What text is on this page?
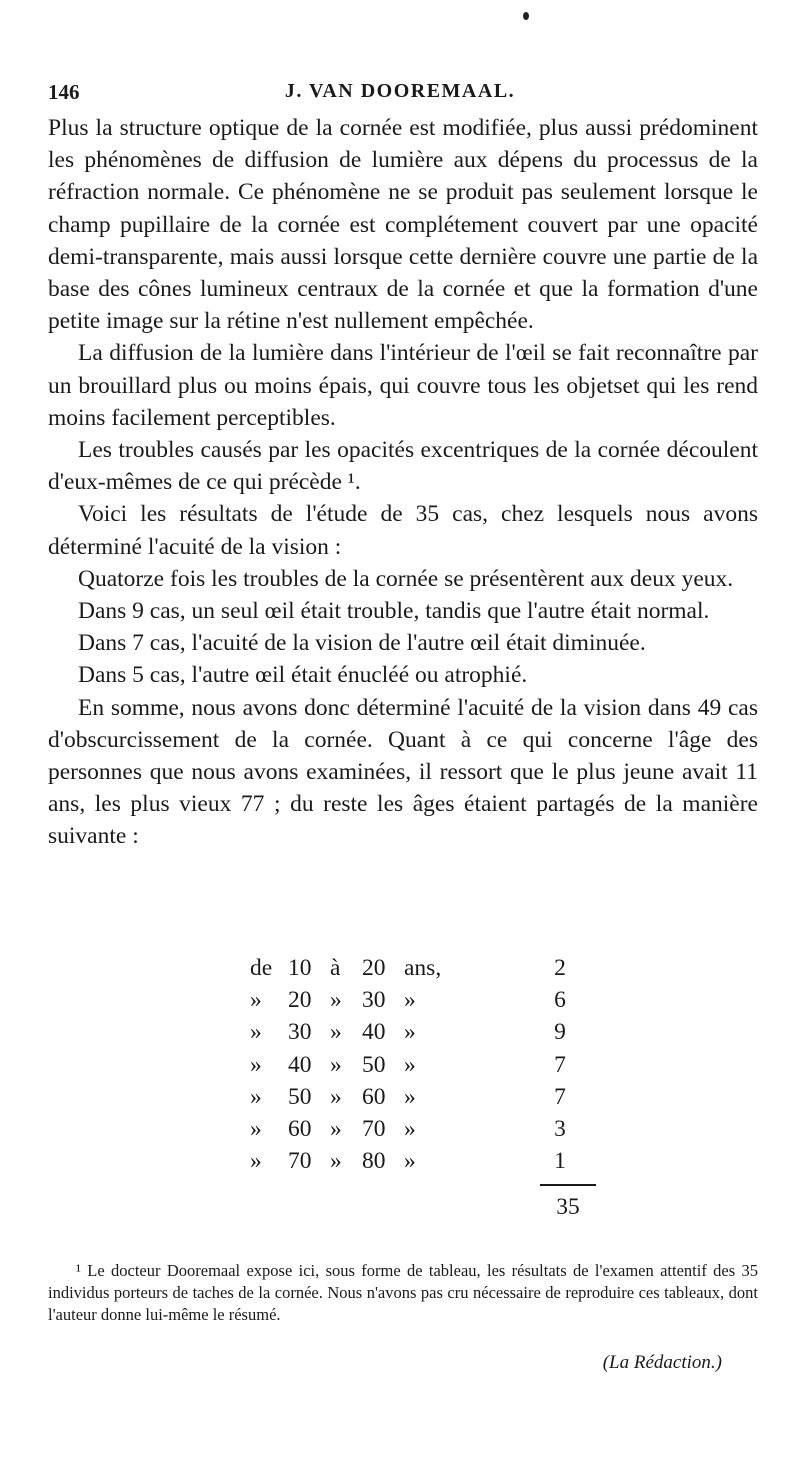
146	J. VAN DOOREMAAL.

Plus la structure optique de la cornée est modifiée, plus aussi prédominent les phénomènes de diffusion de lumière aux dépens du processus de la réfraction normale. Ce phénomène ne se produit pas seulement lorsque le champ pupillaire de la cornée est complétement couvert par une opacité demi-transparente, mais aussi lorsque cette dernière couvre une partie de la base des cônes lumineux centraux de la cornée et que la formation d'une petite image sur la rétine n'est nullement empêchée.

La diffusion de la lumière dans l'intérieur de l'œil se fait reconnaître par un brouillard plus ou moins épais, qui couvre tous les objetset qui les rend moins facilement perceptibles.

Les troubles causés par les opacités excentriques de la cornée découlent d'eux-mêmes de ce qui précède ¹.

Voici les résultats de l'étude de 35 cas, chez lesquels nous avons déterminé l'acuité de la vision :

Quatorze fois les troubles de la cornée se présentèrent aux deux yeux.

Dans 9 cas, un seul œil était trouble, tandis que l'autre était normal.

Dans 7 cas, l'acuité de la vision de l'autre œil était diminuée.

Dans 5 cas, l'autre œil était énucléé ou atrophié.

En somme, nous avons donc déterminé l'acuité de la vision dans 49 cas d'obscurcissement de la cornée. Quant à ce qui concerne l'âge des personnes que nous avons examinées, il ressort que le plus jeune avait 11 ans, les plus vieux 77 ; du reste les âges étaient partagés de la manière suivante :

de 10 à 20 ans,	2
» 20 » 30 »	6
» 30 » 40 »	9
» 40 » 50 »	7
» 50 » 60 »	7
» 60 » 70 »	3
» 70 » 80 »	1
35
¹ Le docteur Dooremaal expose ici, sous forme de tableau, les résultats de l'examen attentif des 35 individus porteurs de taches de la cornée. Nous n'avons pas cru nécessaire de reproduire ces tableaux, dont l'auteur donne lui-même le résumé.
(La Rédaction.)
